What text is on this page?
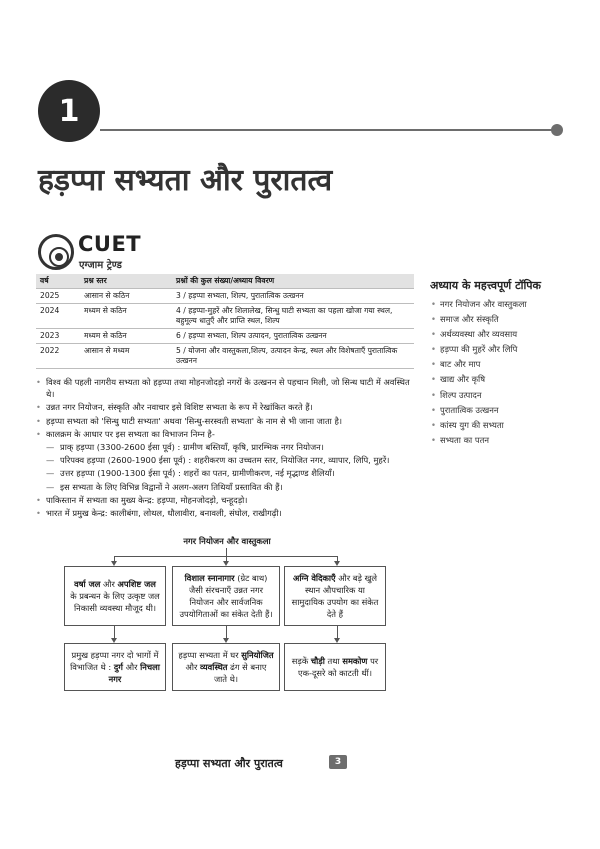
1
हड़प्पा सभ्यता और पुरातत्व
CUET
एग्जाम ट्रेण्ड
वर्ष	प्रश्न स्तर	प्रश्नों की कुल संख्या/अध्याय विवरण
2025	आसान से कठिन	3 / हड़प्पा सभ्यता, शिल्प, पुरातात्विक उत्खनन
2024	मध्यम से कठिन	4 / हड़प्पा-मुहरें और शिलालेख, सिन्धु घाटी सभ्यता का पहला खोजा गया स्थल, बहुमूल्य धातुएँ और प्राप्ति स्थल, शिल्प
2023	मध्यम से कठिन	6 / हड़प्पा सभ्यता, शिल्प उत्पादन, पुरातात्विक उत्खनन
2022	आसान से मध्यम	5 / योजना और वास्तुकला,शिल्प, उत्पादन केन्द्र, स्थल और विशेषताएँ पुरातात्विक उत्खनन
अध्याय के महत्त्वपूर्ण टॉपिक
• नगर नियोजन और वास्तुकला
• समाज और संस्कृति
• अर्थव्यवस्था और व्यवसाय
• हड़प्पा की मुहरें और लिपि
• बाट और माप
• खाद्य और कृषि
• शिल्प उत्पादन
• पुरातात्विक उत्खनन
• कांस्य युग की सभ्यता
• सभ्यता का पतन
• विश्व की पहली नागरीय सभ्यता को हड़प्पा तथा मोहनजोदड़ो नगरों के उत्खनन से पहचान मिली, जो सिन्ध घाटी में अवस्थित थे।
• उन्नत नगर नियोजन, संस्कृति और नवाचार इसे विशिष्ट सभ्यता के रूप में रेखांकित करते हैं।
• हड़प्पा सभ्यता को 'सिन्धु घाटी सभ्यता' अथवा 'सिन्धु-सरस्वती सभ्यता' के नाम से भी जाना जाता है।
• कालक्रम के आधार पर इस सभ्यता का विभाजन निम्न है-
— प्राक् हड़प्पा (3300-2600 ईसा पूर्व) : ग्रामीण बस्तियाँ, कृषि, प्रारम्भिक नगर नियोजन।
— परिपक्व हड़प्पा (2600-1900 ईसा पूर्व) : शहरीकरण का उच्चतम स्तर, नियोजित नगर, व्यापार, लिपि, मुहरें।
— उत्तर हड़प्पा (1900-1300 ईसा पूर्व) : शहरों का पतन, ग्रामीणीकरण, नई मृद्भाण्ड शैलियाँ।
— इस सभ्यता के लिए विभिन्न विद्वानों ने अलग-अलग तिथियाँ प्रस्तावित की हैं।
• पाकिस्तान में सभ्यता का मुख्य केन्द्र: हड़प्पा, मोहनजोदड़ो, चन्हूदड़ो।
• भारत में प्रमुख केन्द्र: कालीबंगा, लोथल, धौलावीरा, बनावली, संघोल, राखीगढ़ी।
नगर नियोजन और वास्तुकला
वर्षा जल और अपशिष्ट जल के प्रबन्धन के लिए उत्कृष्ट जल निकासी व्यवस्था मौजूद थी।
विशाल स्नानागार (ग्रेट बाथ) जैसी संरचनाएँ उन्नत नगर नियोजन और सार्वजनिक उपयोगिताओं का संकेत देती हैं।
अग्नि वेदिकाएँ और बड़े खुले स्थान औपचारिक या सामुदायिक उपयोग का संकेत देते हैं
प्रमुख हड़प्पा नगर दो भागों में विभाजित थे : दुर्ग और निचला नगर
हड़प्पा सभ्यता में घर सुनियोजित और व्यवस्थित ढंग से बनाए जाते थे।
सड़कें चौड़ी तथा समकोण पर एक-दूसरे को काटती थीं।
हड़प्पा सभ्यता और पुरातत्व	3
